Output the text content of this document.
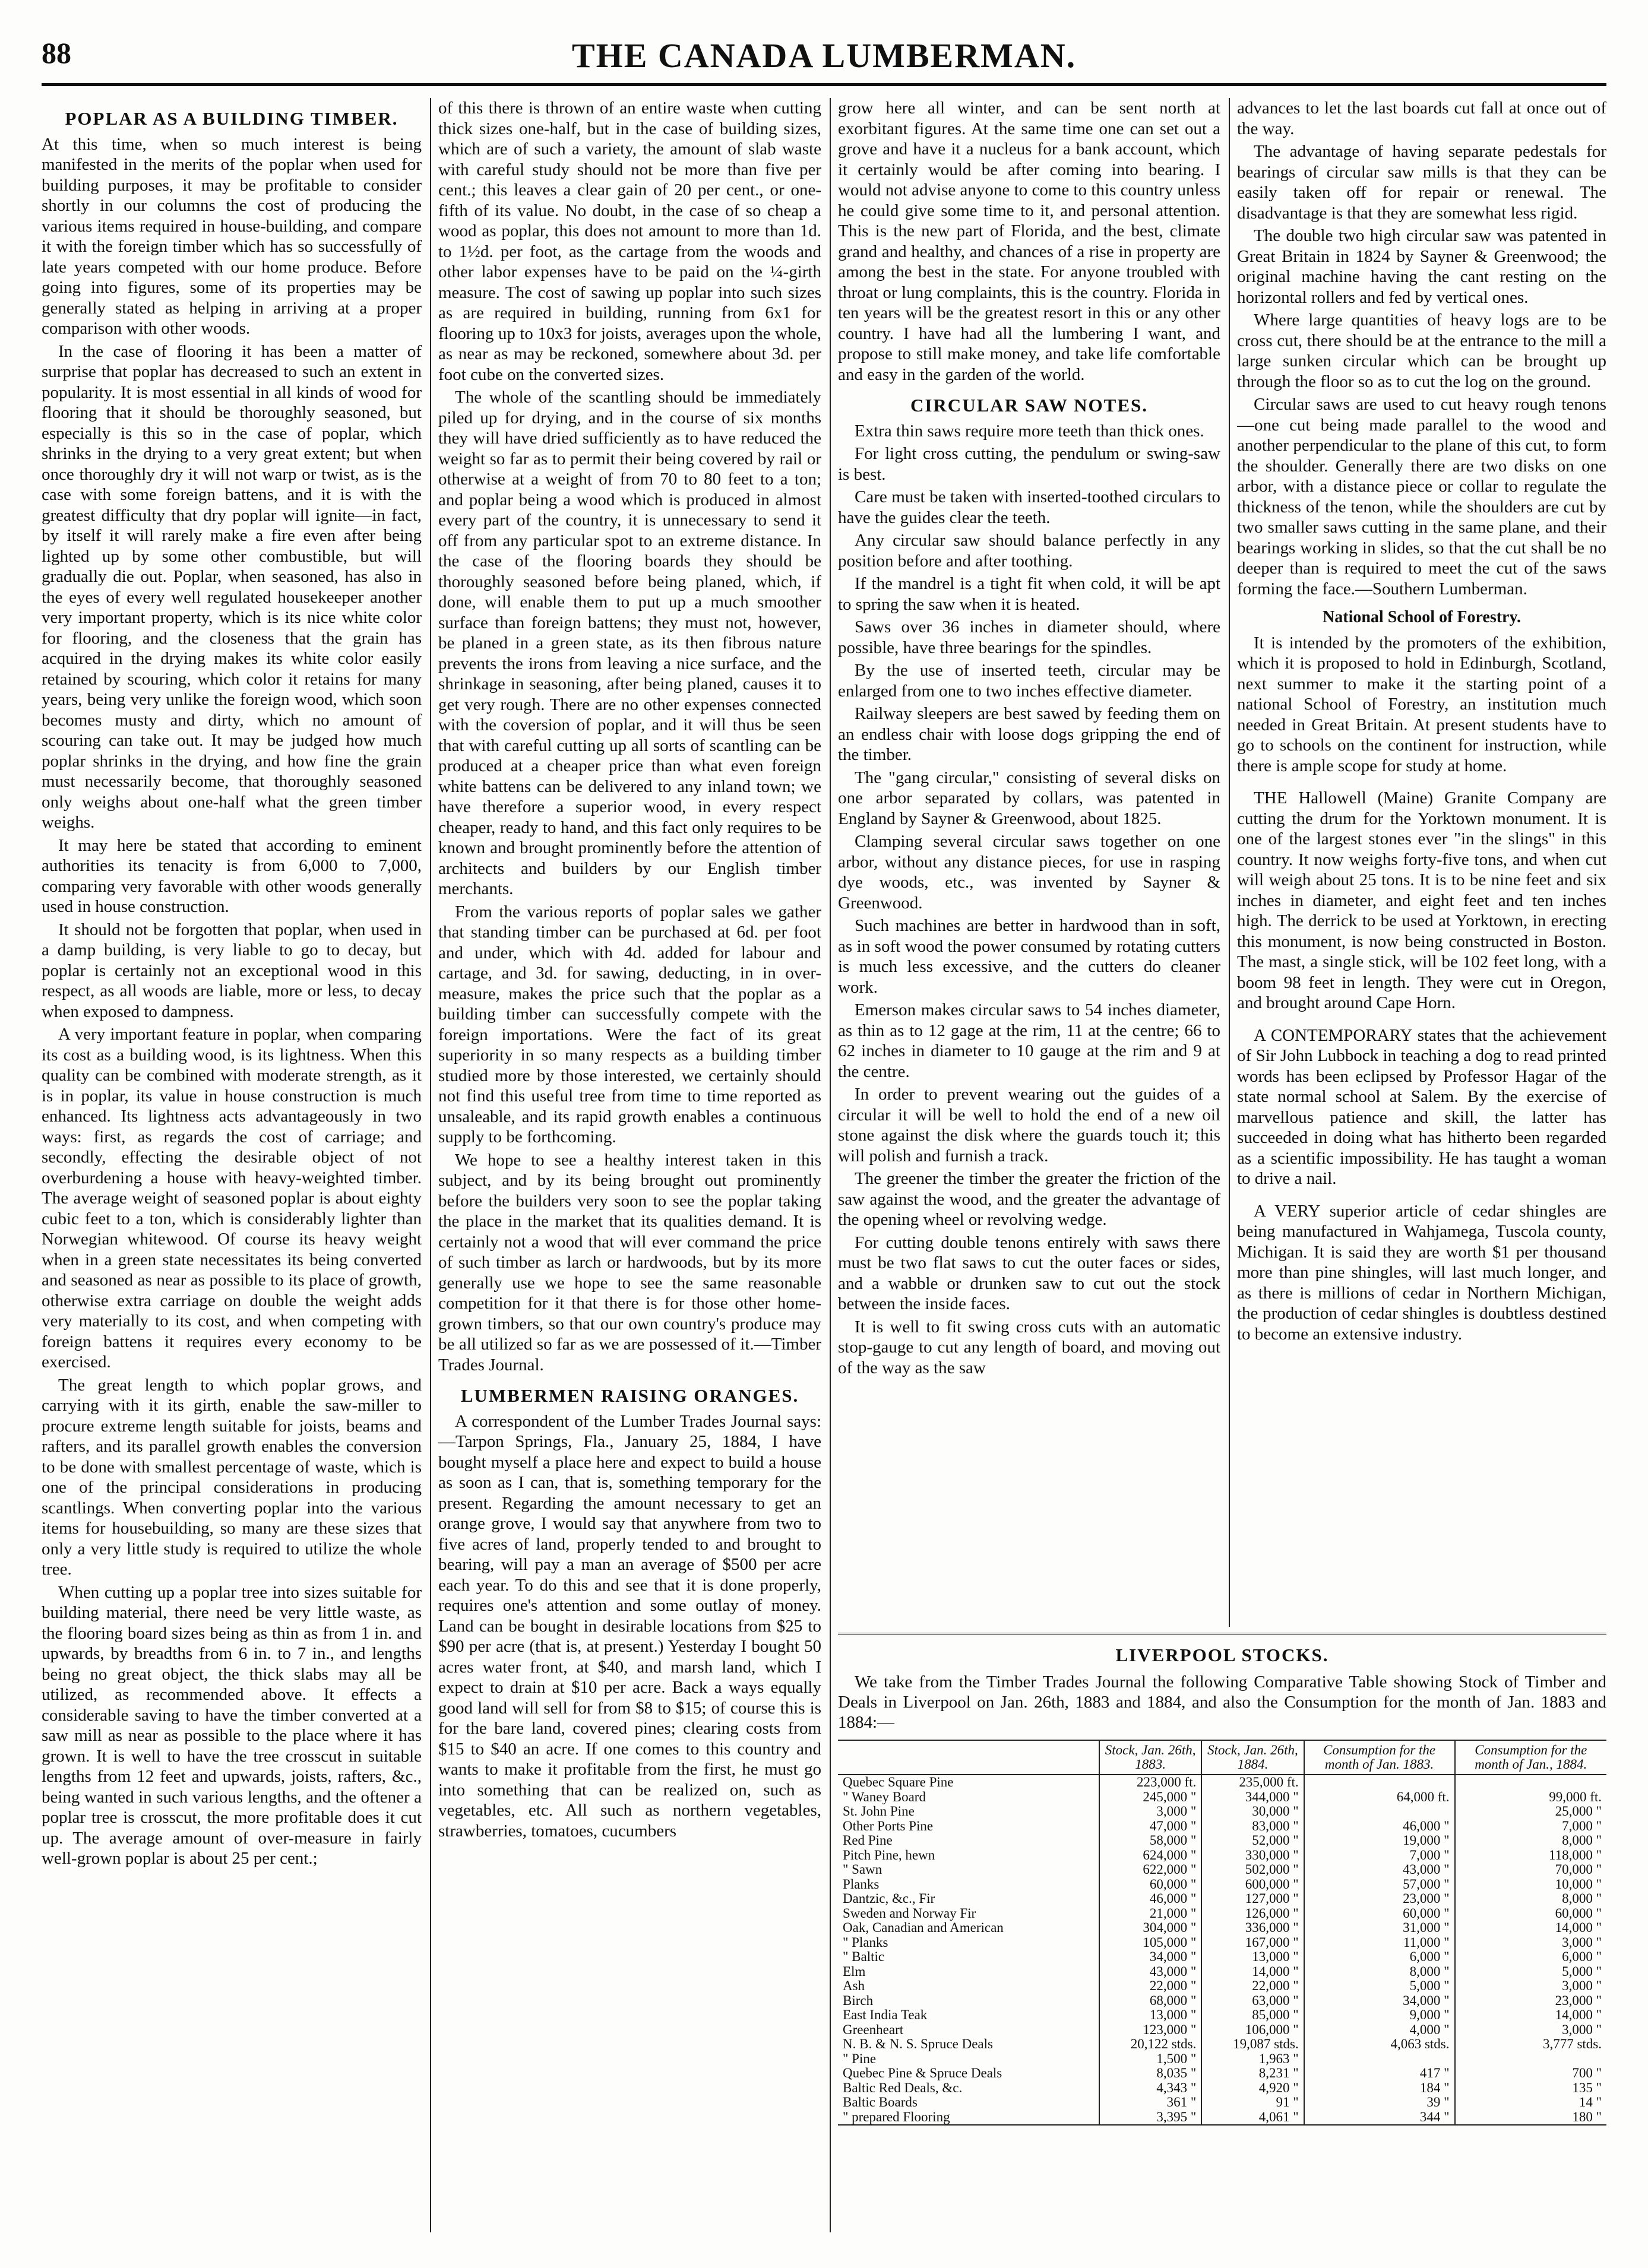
88	THE CANADA LUMBERMAN.
POPLAR AS A BUILDING TIMBER.

At this time, when so much interest is being manifested in the merits of the poplar when used for building purposes, it may be profitable to consider shortly in our columns the cost of producing the various items required in house-building, and compare it with the foreign timber which has so successfully of late years competed with our home produce. Before going into figures, some of its properties may be generally stated as helping in arriving at a proper comparison with other woods.

In the case of flooring it has been a matter of surprise that poplar has decreased to such an extent in popularity. It is most essential in all kinds of wood for flooring that it should be thoroughly seasoned, but especially is this so in the case of poplar, which shrinks in the drying to a very great extent; but when once thoroughly dry it will not warp or twist, as is the case with some foreign battens, and it is with the greatest difficulty that dry poplar will ignite—in fact, by itself it will rarely make a fire even after being lighted up by some other combustible, but will gradually die out. Poplar, when seasoned, has also in the eyes of every well regulated housekeeper another very important property, which is its nice white color for flooring, and the closeness that the grain has acquired in the drying makes its white color easily retained by scouring, which color it retains for many years, being very unlike the foreign wood, which soon becomes musty and dirty, which no amount of scouring can take out. It may be judged how much poplar shrinks in the drying, and how fine the grain must necessarily become, that thoroughly seasoned only weighs about one-half what the green timber weighs.

It may here be stated that according to eminent authorities its tenacity is from 6,000 to 7,000, comparing very favorable with other woods generally used in house construction.

It should not be forgotten that poplar, when used in a damp building, is very liable to go to decay, but poplar is certainly not an exceptional wood in this respect, as all woods are liable, more or less, to decay when exposed to dampness.

A very important feature in poplar, when comparing its cost as a building wood, is its lightness. When this quality can be combined with moderate strength, as it is in poplar, its value in house construction is much enhanced. Its lightness acts advantageously in two ways: first, as regards the cost of carriage; and secondly, effecting the desirable object of not overburdening a house with heavy-weighted timber. The average weight of seasoned poplar is about eighty cubic feet to a ton, which is considerably lighter than Norwegian whitewood. Of course its heavy weight when in a green state necessitates its being converted and seasoned as near as possible to its place of growth, otherwise extra carriage on double the weight adds very materially to its cost, and when competing with foreign battens it requires every economy to be exercised.

The great length to which poplar grows, and carrying with it its girth, enable the saw-miller to procure extreme length suitable for joists, beams and rafters, and its parallel growth enables the conversion to be done with smallest percentage of waste, which is one of the principal considerations in producing scantlings. When converting poplar into the various items for housebuilding, so many are these sizes that only a very little study is required to utilize the whole tree.

When cutting up a poplar tree into sizes suitable for building material, there need be very little waste, as the flooring board sizes being as thin as from 1 in. and upwards, by breadths from 6 in. to 7 in., and lengths being no great object, the thick slabs may all be utilized, as recommended above. It effects a considerable saving to have the timber converted at a saw mill as near as possible to the place where it has grown. It is well to have the tree crosscut in suitable lengths from 12 feet and upwards, joists, rafters, &c., being wanted in such various lengths, and the oftener a poplar tree is crosscut, the more profitable does it cut up. The average amount of over-measure in fairly well-grown poplar is about 25 per cent.;

of this there is thrown of an entire waste when cutting thick sizes one-half, but in the case of building sizes, which are of such a variety, the amount of slab waste with careful study should not be more than five per cent.; this leaves a clear gain of 20 per cent., or one-fifth of its value. No doubt, in the case of so cheap a wood as poplar, this does not amount to more than 1d. to 1½d. per foot, as the cartage from the woods and other labor expenses have to be paid on the ¼-girth measure. The cost of sawing up poplar into such sizes as are required in building, running from 6x1 for flooring up to 10x3 for joists, averages upon the whole, as near as may be reckoned, somewhere about 3d. per foot cube on the converted sizes.

The whole of the scantling should be immediately piled up for drying, and in the course of six months they will have dried sufficiently as to have reduced the weight so far as to permit their being covered by rail or otherwise at a weight of from 70 to 80 feet to a ton; and poplar being a wood which is produced in almost every part of the country, it is unnecessary to send it off from any particular spot to an extreme distance. In the case of the flooring boards they should be thoroughly seasoned before being planed, which, if done, will enable them to put up a much smoother surface than foreign battens; they must not, however, be planed in a green state, as its then fibrous nature prevents the irons from leaving a nice surface, and the shrinkage in seasoning, after being planed, causes it to get very rough. There are no other expenses connected with the coversion of poplar, and it will thus be seen that with careful cutting up all sorts of scantling can be produced at a cheaper price than what even foreign white battens can be delivered to any inland town; we have therefore a superior wood, in every respect cheaper, ready to hand, and this fact only requires to be known and brought prominently before the attention of architects and builders by our English timber merchants.

From the various reports of poplar sales we gather that standing timber can be purchased at 6d. per foot and under, which with 4d. added for labour and cartage, and 3d. for sawing, deducting, in in over-measure, makes the price such that the poplar as a building timber can successfully compete with the foreign importations. Were the fact of its great superiority in so many respects as a building timber studied more by those interested, we certainly should not find this useful tree from time to time reported as unsaleable, and its rapid growth enables a continuous supply to be forthcoming.

We hope to see a healthy interest taken in this subject, and by its being brought out prominently before the builders very soon to see the poplar taking the place in the market that its qualities demand. It is certainly not a wood that will ever command the price of such timber as larch or hardwoods, but by its more generally use we hope to see the same reasonable competition for it that there is for those other home-grown timbers, so that our own country's produce may be all utilized so far as we are possessed of it.—Timber Trades Journal.

LUMBERMEN RAISING ORANGES.

A correspondent of the Lumber Trades Journal says:—Tarpon Springs, Fla., January 25, 1884, I have bought myself a place here and expect to build a house as soon as I can, that is, something temporary for the present. Regarding the amount necessary to get an orange grove, I would say that anywhere from two to five acres of land, properly tended to and brought to bearing, will pay a man an average of $500 per acre each year. To do this and see that it is done properly, requires one's attention and some outlay of money. Land can be bought in desirable locations from $25 to $90 per acre (that is, at present.) Yesterday I bought 50 acres water front, at $40, and marsh land, which I expect to drain at $10 per acre. Back a ways equally good land will sell for from $8 to $15; of course this is for the bare land, covered pines; clearing costs from $15 to $40 an acre. If one comes to this country and wants to make it profitable from the first, he must go into something that can be realized on, such as vegetables, etc. All such as northern vegetables, strawberries, tomatoes, cucumbers

grow here all winter, and can be sent north at exorbitant figures. At the same time one can set out a grove and have it a nucleus for a bank account, which it certainly would be after coming into bearing. I would not advise anyone to come to this country unless he could give some time to it, and personal attention. This is the new part of Florida, and the best, climate grand and healthy, and chances of a rise in property are among the best in the state. For anyone troubled with throat or lung complaints, this is the country. Florida in ten years will be the greatest resort in this or any other country. I have had all the lumbering I want, and propose to still make money, and take life comfortable and easy in the garden of the world.

CIRCULAR SAW NOTES.

Extra thin saws require more teeth than thick ones.

For light cross cutting, the pendulum or swing-saw is best.

Care must be taken with inserted-toothed circulars to have the guides clear the teeth.

Any circular saw should balance perfectly in any position before and after toothing.

If the mandrel is a tight fit when cold, it will be apt to spring the saw when it is heated.

Saws over 36 inches in diameter should, where possible, have three bearings for the spindles.

By the use of inserted teeth, circular may be enlarged from one to two inches effective diameter.

Railway sleepers are best sawed by feeding them on an endless chair with loose dogs gripping the end of the timber.

The "gang circular," consisting of several disks on one arbor separated by collars, was patented in England by Sayner & Greenwood, about 1825.

Clamping several circular saws together on one arbor, without any distance pieces, for use in rasping dye woods, etc., was invented by Sayner & Greenwood.

Such machines are better in hardwood than in soft, as in soft wood the power consumed by rotating cutters is much less excessive, and the cutters do cleaner work.

Emerson makes circular saws to 54 inches diameter, as thin as to 12 gage at the rim, 11 at the centre; 66 to 62 inches in diameter to 10 gauge at the rim and 9 at the centre.

In order to prevent wearing out the guides of a circular it will be well to hold the end of a new oil stone against the disk where the guards touch it; this will polish and furnish a track.

The greener the timber the greater the friction of the saw against the wood, and the greater the advantage of the opening wheel or revolving wedge.

For cutting double tenons entirely with saws there must be two flat saws to cut the outer faces or sides, and a wabble or drunken saw to cut out the stock between the inside faces.

It is well to fit swing cross cuts with an automatic stop-gauge to cut any length of board, and moving out of the way as the saw

advances to let the last boards cut fall at once out of the way.

The advantage of having separate pedestals for bearings of circular saw mills is that they can be easily taken off for repair or renewal. The disadvantage is that they are somewhat less rigid.

The double two high circular saw was patented in Great Britain in 1824 by Sayner & Greenwood; the original machine having the cant resting on the horizontal rollers and fed by vertical ones.

Where large quantities of heavy logs are to be cross cut, there should be at the entrance to the mill a large sunken circular which can be brought up through the floor so as to cut the log on the ground.

Circular saws are used to cut heavy rough tenons—one cut being made parallel to the wood and another perpendicular to the plane of this cut, to form the shoulder. Generally there are two disks on one arbor, with a distance piece or collar to regulate the thickness of the tenon, while the shoulders are cut by two smaller saws cutting in the same plane, and their bearings working in slides, so that the cut shall be no deeper than is required to meet the cut of the saws forming the face.—Southern Lumberman.

National School of Forestry.

It is intended by the promoters of the exhibition, which it is proposed to hold in Edinburgh, Scotland, next summer to make it the starting point of a national School of Forestry, an institution much needed in Great Britain. At present students have to go to schools on the continent for instruction, while there is ample scope for study at home.

THE Hallowell (Maine) Granite Company are cutting the drum for the Yorktown monument. It is one of the largest stones ever "in the slings" in this country. It now weighs forty-five tons, and when cut will weigh about 25 tons. It is to be nine feet and six inches in diameter, and eight feet and ten inches high. The derrick to be used at Yorktown, in erecting this monument, is now being constructed in Boston. The mast, a single stick, will be 102 feet long, with a boom 98 feet in length. They were cut in Oregon, and brought around Cape Horn.

A CONTEMPORARY states that the achievement of Sir John Lubbock in teaching a dog to read printed words has been eclipsed by Professor Hagar of the state normal school at Salem. By the exercise of marvellous patience and skill, the latter has succeeded in doing what has hitherto been regarded as a scientific impossibility. He has taught a woman to drive a nail.

A VERY superior article of cedar shingles are being manufactured in Wahjamega, Tuscola county, Michigan. It is said they are worth $1 per thousand more than pine shingles, will last much longer, and as there is millions of cedar in Northern Michigan, the production of cedar shingles is doubtless destined to become an extensive industry.

LIVERPOOL STOCKS.

We take from the Timber Trades Journal the following Comparative Table showing Stock of Timber and Deals in Liverpool on Jan. 26th, 1883 and 1884, and also the Consumption for the month of Jan. 1883 and 1884:—

	Stock, Jan. 26th, 1883.	Stock, Jan. 26th, 1884.	Consumption for the month of Jan. 1883.	Consumption for the month of Jan., 1884.
Quebec Square Pine	223,000 ft.	235,000 ft.		
" Waney Board	245,000 "	344,000 "	64,000 ft.	99,000 ft.
St. John Pine	3,000 "	30,000 "		25,000 "
Other Ports Pine	47,000 "	83,000 "	46,000 "	7,000 "
Red Pine	58,000 "	52,000 "	19,000 "	8,000 "
Pitch Pine, hewn	624,000 "	330,000 "	7,000 "	118,000 "
" Sawn	622,000 "	502,000 "	43,000 "	70,000 "
Planks	60,000 "	600,000 "	57,000 "	10,000 "
Dantzic, &c., Fir	46,000 "	127,000 "	23,000 "	8,000 "
Sweden and Norway Fir	21,000 "	126,000 "	60,000 "	60,000 "
Oak, Canadian and American	304,000 "	336,000 "	31,000 "	14,000 "
" Planks	105,000 "	167,000 "	11,000 "	3,000 "
" Baltic	34,000 "	13,000 "	6,000 "	6,000 "
Elm	43,000 "	14,000 "	8,000 "	5,000 "
Ash	22,000 "	22,000 "	5,000 "	3,000 "
Birch	68,000 "	63,000 "	34,000 "	23,000 "
East India Teak	13,000 "	85,000 "	9,000 "	14,000 "
Greenheart	123,000 "	106,000 "	4,000 "	3,000 "
N. B. & N. S. Spruce Deals	20,122 stds.	19,087 stds.	4,063 stds.	3,777 stds.
" Pine	1,500 "	1,963 "		
Quebec Pine & Spruce Deals	8,035 "	8,231 "	417 "	700 "
Baltic Red Deals, &c.	4,343 "	4,920 "	184 "	135 "
Baltic Boards	361 "	91 "	39 "	14 "
" prepared Flooring	3,395 "	4,061 "	344 "	180 "
